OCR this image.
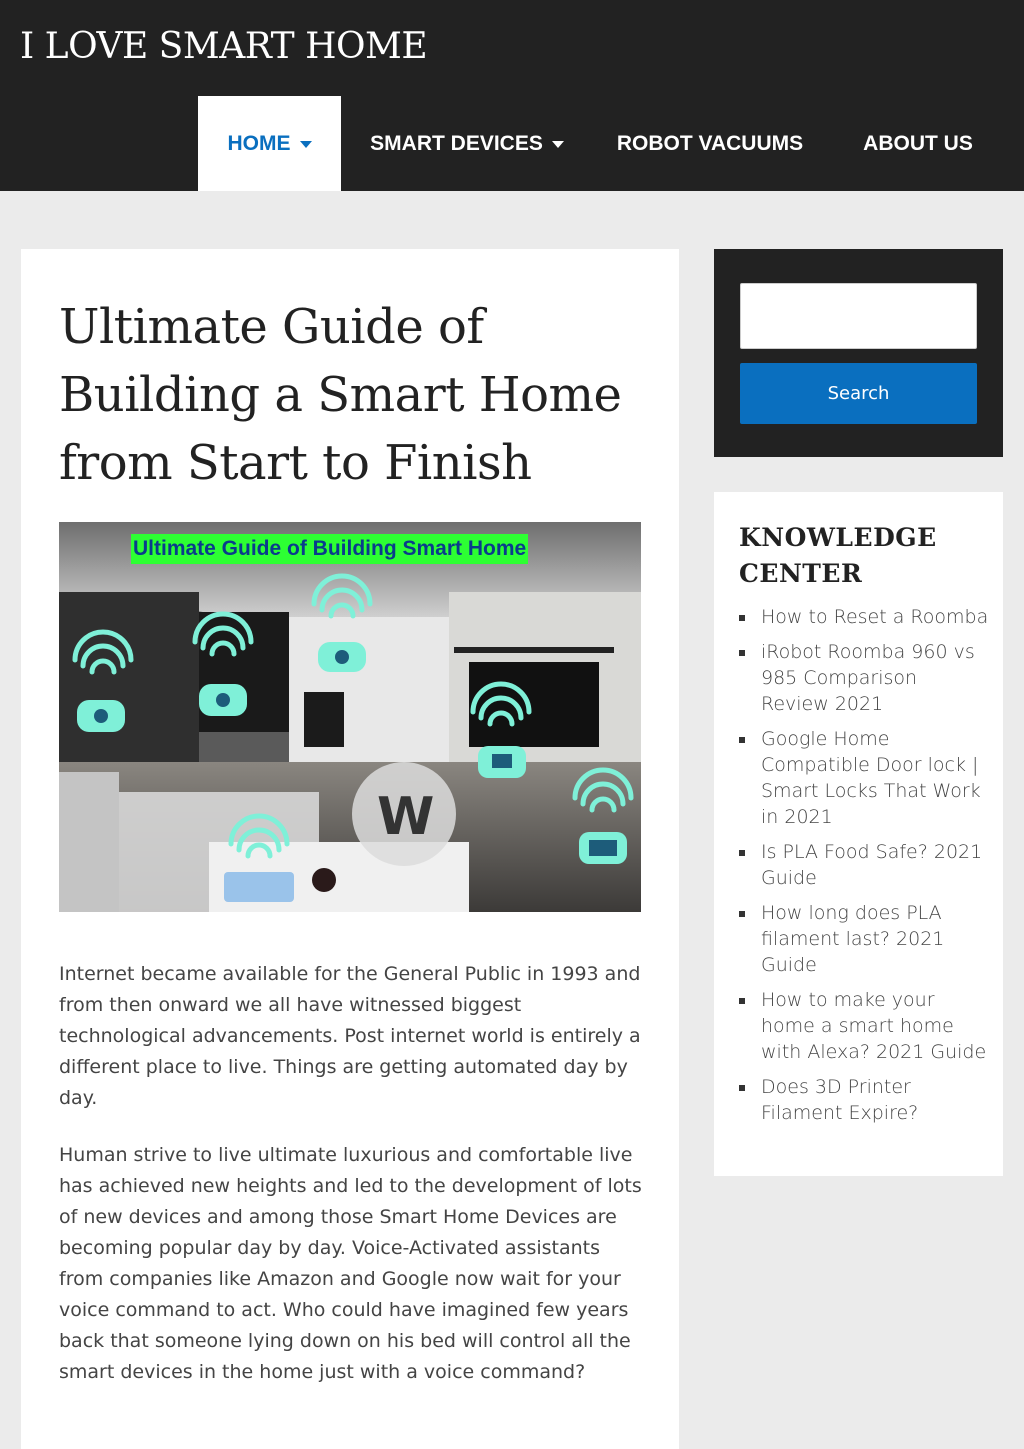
I LOVE SMART HOME
HOME	SMART DEVICES	ROBOT VACUUMS	ABOUT US
Ultimate Guide of Building a Smart Home from Start to Finish
W
Ultimate Guide of Building Smart Home

Internet became available for the General Public in 1993 and from then onward we all have witnessed biggest technological advancements. Post internet world is entirely a different place to live. Things are getting automated day by day.

Human strive to live ultimate luxurious and comfortable live has achieved new heights and led to the development of lots of new devices and among those Smart Home Devices are becoming popular day by day. Voice-Activated assistants from companies like Amazon and Google now wait for your voice command to act. Who could have imagined few years back that someone lying down on his bed will control all the smart devices in the home just with a voice command?

Search
KNOWLEDGE CENTER
How to Reset a Roomba
iRobot Roomba 960 vs 985 Comparison Review 2021
Google Home Compatible Door lock | Smart Locks That Work in 2021
Is PLA Food Safe? 2021 Guide
How long does PLA filament last? 2021 Guide
How to make your home a smart home with Alexa? 2021 Guide
Does 3D Printer Filament Expire?
